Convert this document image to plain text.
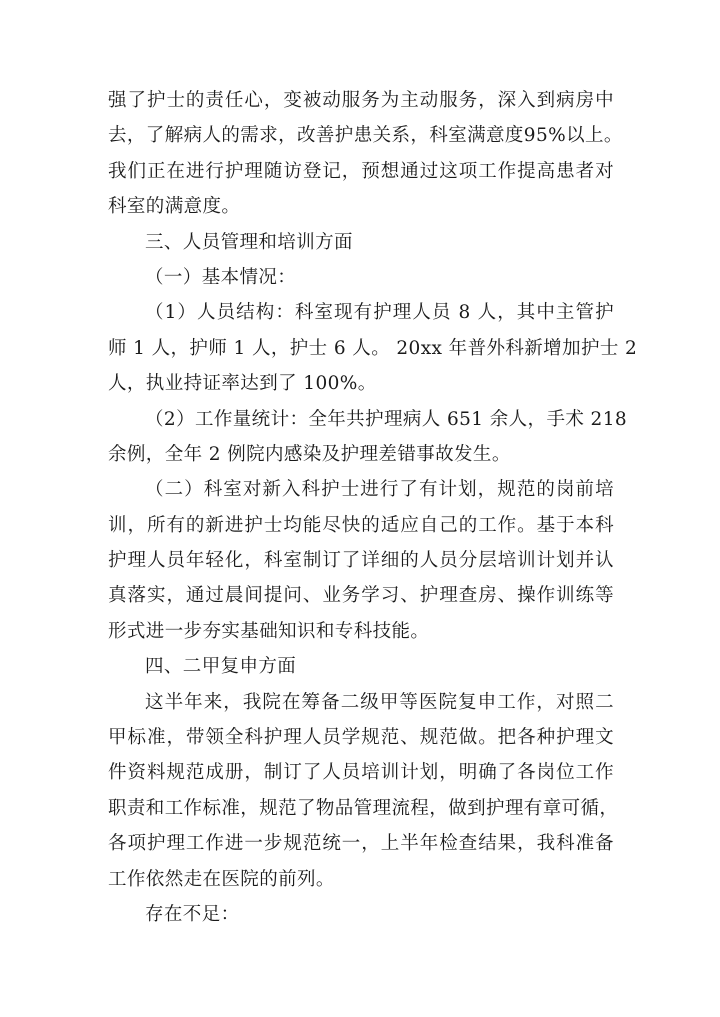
强了护士的责任心，变被动服务为主动服务，深入到病房中
去，了解病人的需求，改善护患关系，科室满意度95%以上。
我们正在进行护理随访登记，预想通过这项工作提高患者对
科室的满意度。
三、人员管理和培训方面
（一）基本情况：
（1）人员结构：科室现有护理人员 8 人，其中主管护
师 1 人，护师 1 人，护士 6 人。 20xx 年普外科新增加护士 2
人，执业持证率达到了 100%。
（2）工作量统计：全年共护理病人 651 余人，手术 218
余例，全年 2 例院内感染及护理差错事故发生。
（二）科室对新入科护士进行了有计划，规范的岗前培
训，所有的新进护士均能尽快的适应自己的工作。基于本科
护理人员年轻化，科室制订了详细的人员分层培训计划并认
真落实，通过晨间提问、业务学习、护理查房、操作训练等
形式进一步夯实基础知识和专科技能。
四、二甲复申方面
这半年来，我院在筹备二级甲等医院复申工作，对照二
甲标准，带领全科护理人员学规范、规范做。把各种护理文
件资料规范成册，制订了人员培训计划，明确了各岗位工作
职责和工作标准，规范了物品管理流程，做到护理有章可循，
各项护理工作进一步规范统一，上半年检查结果，我科准备
工作依然走在医院的前列。
存在不足：
